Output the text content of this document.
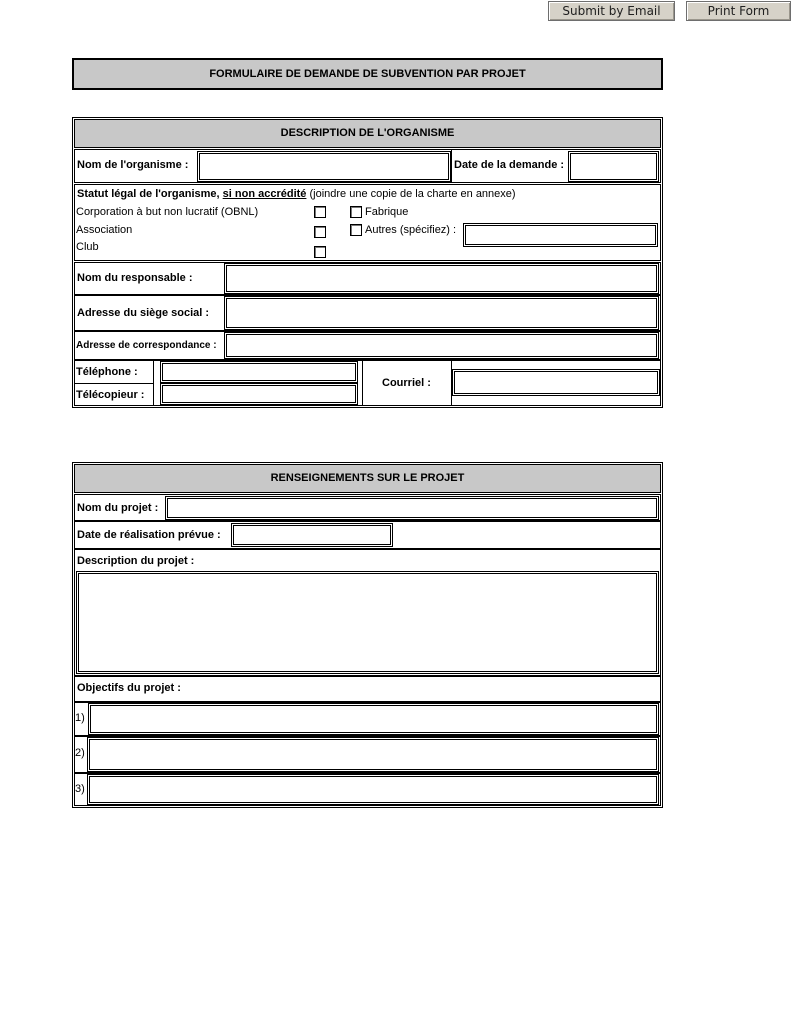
Submit by Email	Print Form
FORMULAIRE DE DEMANDE DE SUBVENTION PAR PROJET
DESCRIPTION DE L'ORGANISME
Nom de l'organisme :	Date de la demande :
Statut légal de l'organisme, si non accrédité (joindre une copie de la charte en annexe)
Corporation à but non lucratif (OBNL)
Association
Club
Fabrique
Autres (spécifiez) :
Nom du responsable :
Adresse du siège social :
Adresse de correspondance :
Téléphone :
Télécopieur :
Courriel :
RENSEIGNEMENTS SUR LE PROJET
Nom du projet :
Date de réalisation prévue :
Description du projet :
Objectifs du projet :
1)
2)
3)
